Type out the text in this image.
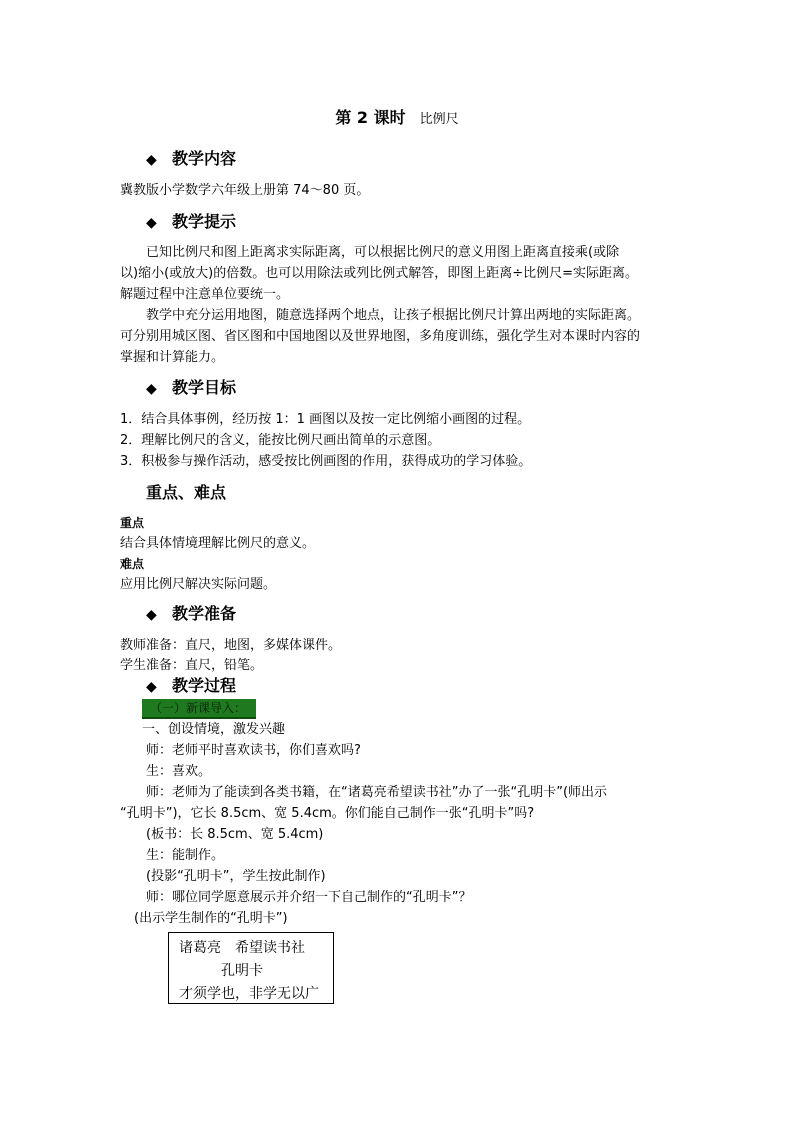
第 2 课时 比例尺
◆ 教学内容
冀教版小学数学六年级上册第 74～80 页。
◆ 教学提示
已知比例尺和图上距离求实际距离，可以根据比例尺的意义用图上距离直接乘(或除
以)缩小(或放大)的倍数。也可以用除法或列比例式解答，即图上距离÷比例尺=实际距离。
解题过程中注意单位要统一。
教学中充分运用地图，随意选择两个地点，让孩子根据比例尺计算出两地的实际距离。
可分别用城区图、省区图和中国地图以及世界地图，多角度训练，强化学生对本课时内容的
掌握和计算能力。
◆ 教学目标
1．结合具体事例，经历按 1：1 画图以及按一定比例缩小画图的过程。
2．理解比例尺的含义，能按比例尺画出简单的示意图。
3．积极参与操作活动，感受按比例画图的作用，获得成功的学习体验。
重点、难点
重点
结合具体情境理解比例尺的意义。
难点
应用比例尺解决实际问题。
◆ 教学准备
教师准备：直尺，地图，多媒体课件。
学生准备：直尺，铅笔。
◆ 教学过程
（一）新课导入：
一、创设情境，激发兴趣
师：老师平时喜欢读书，你们喜欢吗?
生：喜欢。
师：老师为了能读到各类书籍，在“诸葛亮希望读书社”办了一张“孔明卡”(师出示
“孔明卡”)，它长 8.5cm、宽 5.4cm。你们能自己制作一张“孔明卡”吗?
(板书：长 8.5cm、宽 5.4cm)
生：能制作。
(投影“孔明卡”，学生按此制作)
师：哪位同学愿意展示并介绍一下自己制作的“孔明卡”？
(出示学生制作的“孔明卡”)
诸葛亮　希望读书社
孔明卡
才须学也，非学无以广
